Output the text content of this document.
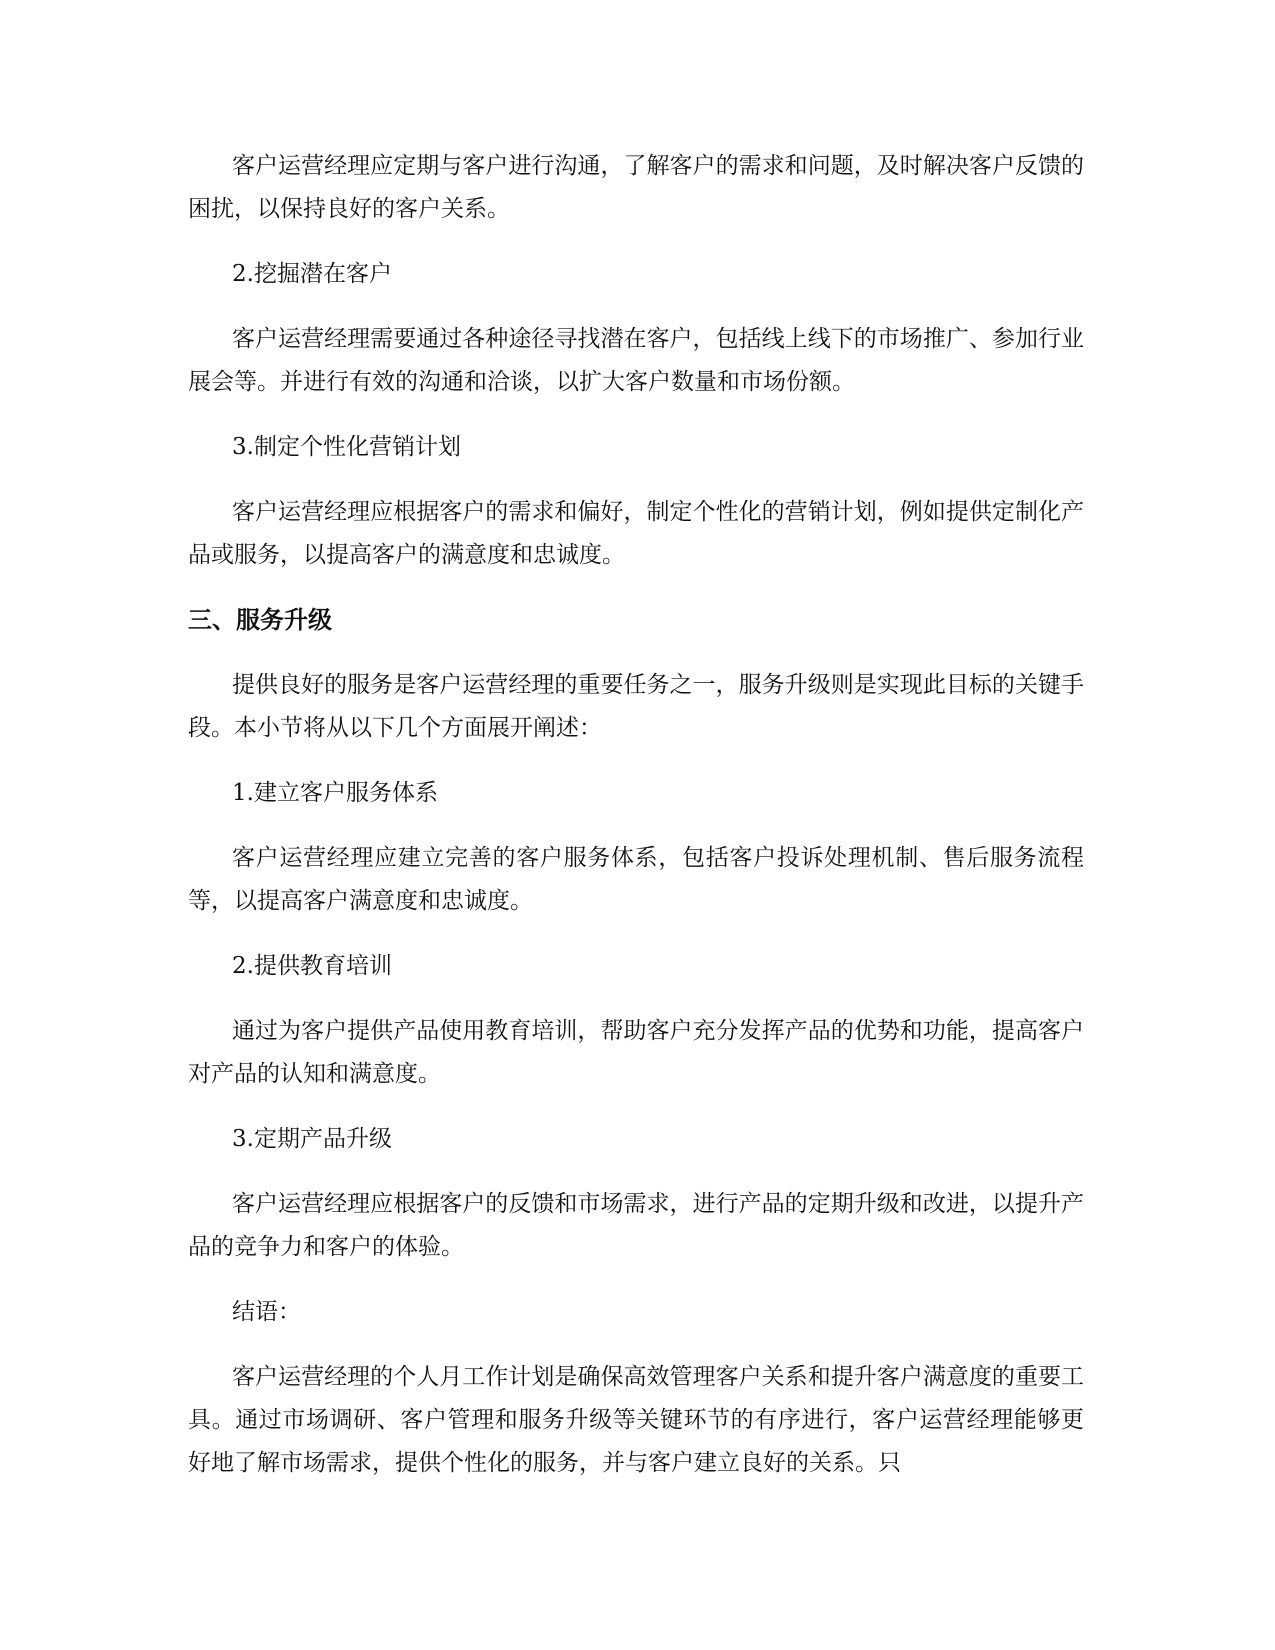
客户运营经理应定期与客户进行沟通，了解客户的需求和问题，及时解决客户反馈的困扰，以保持良好的客户关系。

2.挖掘潜在客户

客户运营经理需要通过各种途径寻找潜在客户，包括线上线下的市场推广、参加行业展会等。并进行有效的沟通和洽谈，以扩大客户数量和市场份额。

3.制定个性化营销计划

客户运营经理应根据客户的需求和偏好，制定个性化的营销计划，例如提供定制化产品或服务，以提高客户的满意度和忠诚度。

三、服务升级

提供良好的服务是客户运营经理的重要任务之一，服务升级则是实现此目标的关键手段。本小节将从以下几个方面展开阐述：

1.建立客户服务体系

客户运营经理应建立完善的客户服务体系，包括客户投诉处理机制、售后服务流程等，以提高客户满意度和忠诚度。

2.提供教育培训

通过为客户提供产品使用教育培训，帮助客户充分发挥产品的优势和功能，提高客户对产品的认知和满意度。

3.定期产品升级

客户运营经理应根据客户的反馈和市场需求，进行产品的定期升级和改进，以提升产品的竞争力和客户的体验。

结语：

客户运营经理的个人月工作计划是确保高效管理客户关系和提升客户满意度的重要工具。通过市场调研、客户管理和服务升级等关键环节的有序进行，客户运营经理能够更好地了解市场需求，提供个性化的服务，并与客户建立良好的关系。只
